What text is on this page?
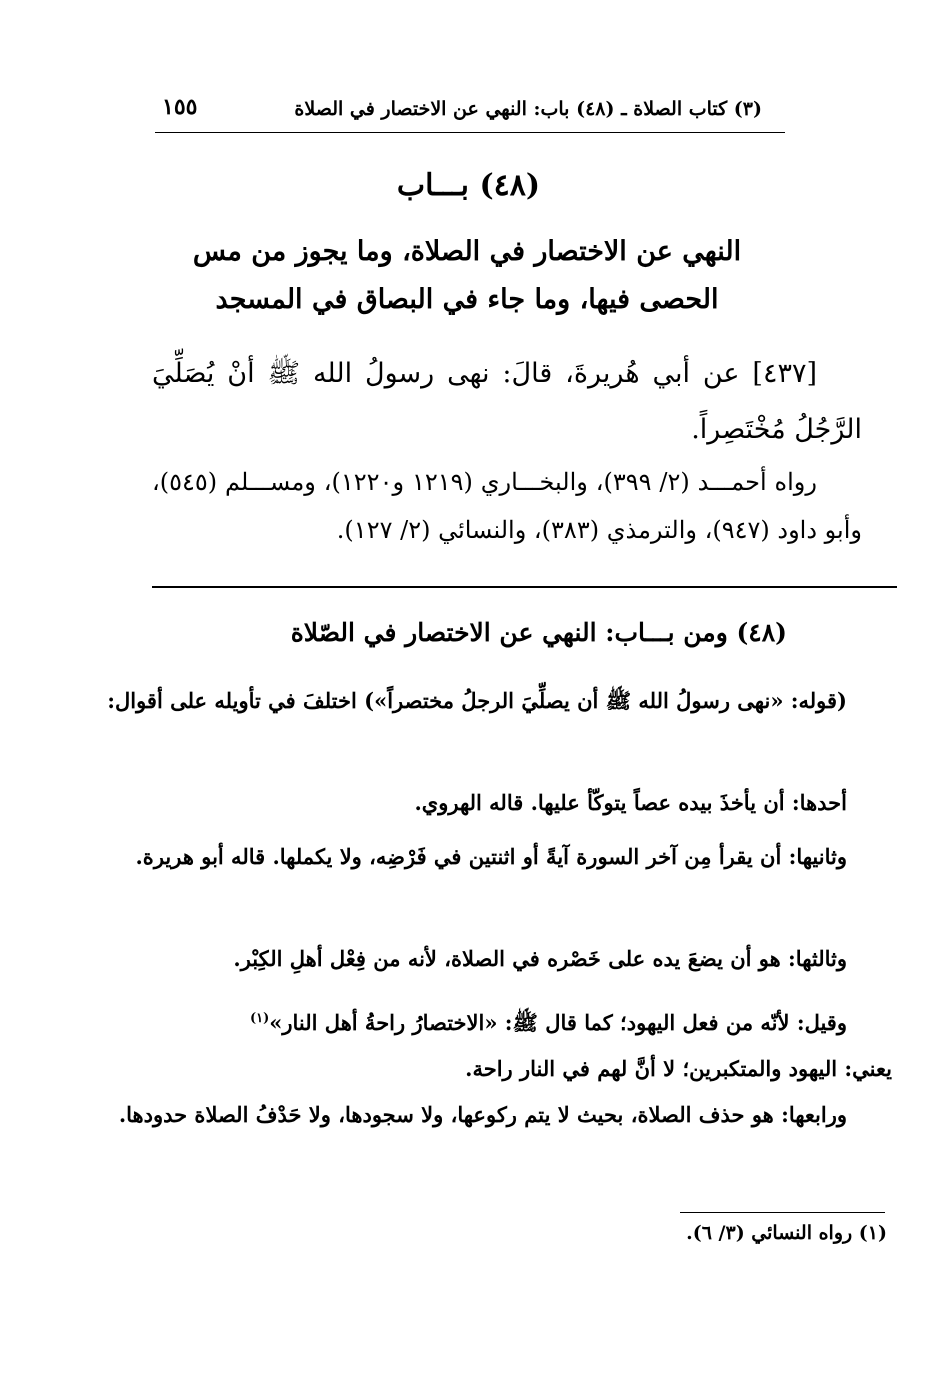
(٣) كتاب الصلاة ـ (٤٨) باب: النهي عن الاختصار في الصلاة
١٥٥
(٤٨) بـــاب
النهي عن الاختصار في الصلاة، وما يجوز من مس
الحصى فيها، وما جاء في البصاق في المسجد
[٤٣٧] عن أبي هُريرةَ، قالَ: نهى رسولُ الله ﷺ أنْ يُصَلِّيَ الرَّجُلُ مُخْتَصِراً.
رواه أحمـــد (٢/ ٣٩٩)، والبخـــاري (١٢١٩ و١٢٢٠)، ومســـلم (٥٤٥)، وأبو داود (٩٤٧)، والترمذي (٣٨٣)، والنسائي (٢/ ١٢٧).
(٤٨) ومن بـــاب: النهي عن الاختصار في الصّلاة
(قوله: «نهى رسولُ الله ﷺ أن يصلِّيَ الرجلُ مختصراً») اختلفَ في تأويله على أقوال:
أحدها: أن يأخذَ بيده عصاً يتوكّأ عليها. قاله الهروي.
وثانيها: أن يقرأ مِن آخر السورة آيةً أو اثنتين في فَرْضِه، ولا يكملها. قاله أبو هريرة.
وثالثها: هو أن يضعَ يده على خَصْره في الصلاة، لأنه من فِعْل أهلِ الكِبْر.
وقيل: لأنّه من فعل اليهود؛ كما قال ﷺ: «الاختصارُ راحةُ أهل النار»$^{(١)}$
يعني: اليهود والمتكبرين؛ لا أنَّ لهم في النار راحة.
ورابعها: هو حذف الصلاة، بحيث لا يتم ركوعها، ولا سجودها، ولا حَدْفُ الصلاة حدودها.
(١) رواه النسائي (٣/ ٦).
